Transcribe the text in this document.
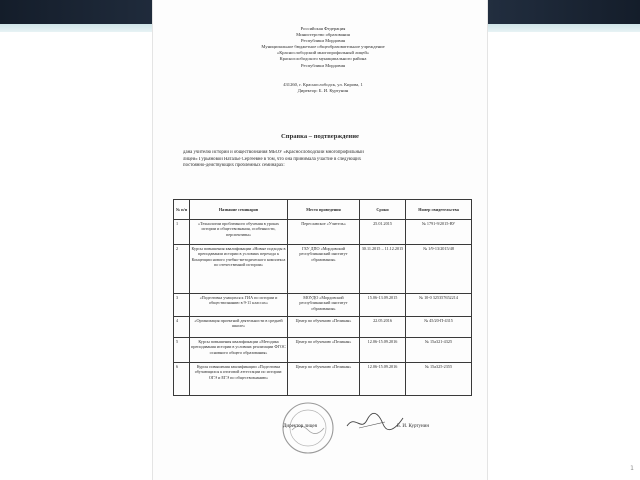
Российская Федерация
Министерство образования
Республики Мордовия
Муниципальное бюджетное общеобразовательное учреждение
«Краснослободский многопрофильный лицей»
Краснослободского муниципального района
Республики Мордовия
431260, г. Краснослободск, ул. Кирова, 1
Директор: Б. И. Куртунин
Справка – подтверждение
дана учителю истории и обществознания МБОУ «Краснослободский многопрофильный
лицей» Гурьяновой Наталье Сергеевне в том, что она принимала участие в следующих
постоянно-действующих проблемных семинарах:
№ п/п	Название семинаров	Место проведения	Сроки	Номер свидетельства
1	«Технологии проблемного обучения в уроках истории и обществознания, особенности, перспективы»	Переславское «Учитель»	25.01.2015	№ 1791-9/2015-ВУ
2	Курсы повышения квалификации «Новые подходы в преподавании истории в условиях перехода к Концепции нового учебно-методического комплекса по отечественной истории»	ГБУ ДПО «Мордовский республиканский институт образования»	30.11.2015 – 11.12.2015	№ 1/9-13/2015/48
3	«Подготовка учащихся к ГИА по истории и обществознанию в 9-11 классах»	МОУДО «Мордовский республиканский институт образования»	15.06-13.09.2015	№ 10-0 325357652214
4	«Организация проектной деятельности в средней школе»	Центр по обучению «Пеликан»	22.05.2016	№ 45/20-П-4315
5	Курсы повышения квалификации «Методика преподавания истории в условиях реализации ФГОС основного общего образования»	Центр по обучению «Пеликан»	12.06-15.09.2016	№ 15a321-4325
6	Курсы повышения квалификации «Подготовка обучающихся к итоговой аттестации по истории: ОГЭ и ЕГЭ по обществознанию»	Центр по обучению «Пеликан»	12.06-15.09.2016	№ 15a325-2355
Директор лицея	Б. И. Куртунин
1
